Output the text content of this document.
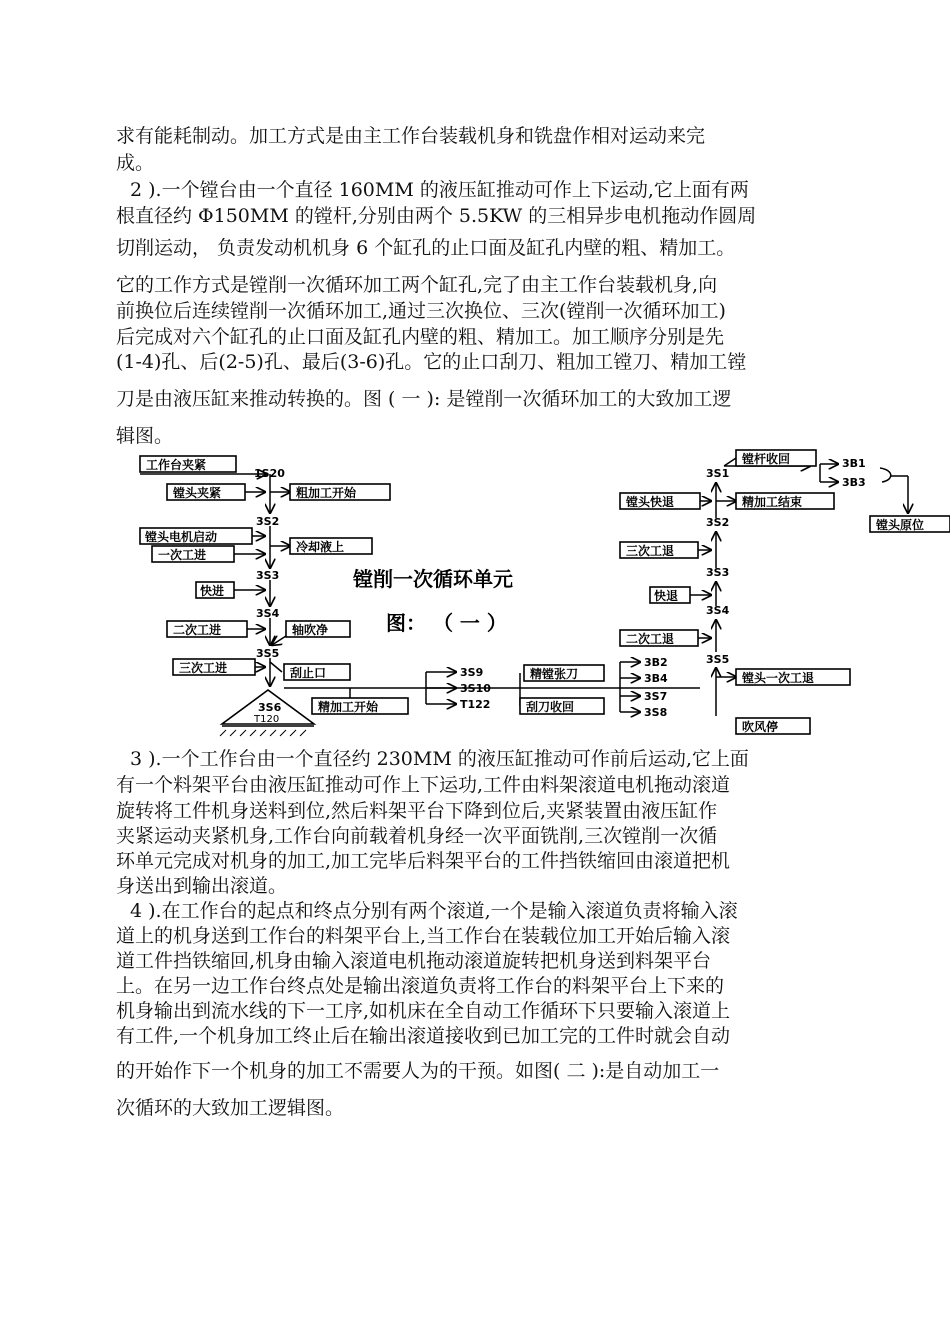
求有能耗制动。加工方式是由主工作台装载机身和铣盘作相对运动来完
成。
2 ).一个镗台由一个直径 160MM 的液压缸推动可作上下运动,它上面有两
根直径约 Φ150MM 的镗杆,分别由两个 5.5KW 的三相异步电机拖动作圆周
切削运动， 负责发动机机身 6 个缸孔的止口面及缸孔内壁的粗、精加工。
它的工作方式是镗削一次循环加工两个缸孔,完了由主工作台装载机身,向
前换位后连续镗削一次循环加工,通过三次换位、三次(镗削一次循环加工)
后完成对六个缸孔的止口面及缸孔内壁的粗、精加工。加工顺序分别是先
(1-4)孔、后(2-5)孔、最后(3-6)孔。它的止口刮刀、粗加工镗刀、精加工镗
刀是由液压缸来推动转换的。图 ( 一 ): 是镗削一次循环加工的大致加工逻
辑图。
镗削一次循环单元
图： （ 一 ）
工作台夹紧
镗头夹紧	粗加工开始
镗头电机启动
一次工进
冷却液上
快进
二次工进	轴吹净
三次工进	刮止口
精加工开始
精镗张刀
刮刀收回
镗头一次工退
吹风停
二次工退
快退
三次工退
镗头快退	精加工结束
镗杆收回
镗头原位
1S20
3S2
3S3
3S4
3S5
3S6
T120
3S9
3S10
T122
3B2
3B4
3S7
3S8
3S5
3S4
3S3
3S2
3S1
3B1
3B3
3 ).一个工作台由一个直径约 230MM 的液压缸推动可作前后运动,它上面
有一个料架平台由液压缸推动可作上下运功,工件由料架滚道电机拖动滚道
旋转将工件机身送料到位,然后料架平台下降到位后,夹紧装置由液压缸作
夹紧运动夹紧机身,工作台向前载着机身经一次平面铣削,三次镗削一次循
环单元完成对机身的加工,加工完毕后料架平台的工件挡铁缩回由滚道把机
身送出到输出滚道。
4 ).在工作台的起点和终点分别有两个滚道,一个是输入滚道负责将输入滚
道上的机身送到工作台的料架平台上,当工作台在装载位加工开始后输入滚
道工件挡铁缩回,机身由输入滚道电机拖动滚道旋转把机身送到料架平台
上。在另一边工作台终点处是输出滚道负责将工作台的料架平台上下来的
机身输出到流水线的下一工序,如机床在全自动工作循环下只要输入滚道上
有工件,一个机身加工终止后在输出滚道接收到已加工完的工件时就会自动
的开始作下一个机身的加工不需要人为的干预。如图( 二 ):是自动加工一
次循环的大致加工逻辑图。
